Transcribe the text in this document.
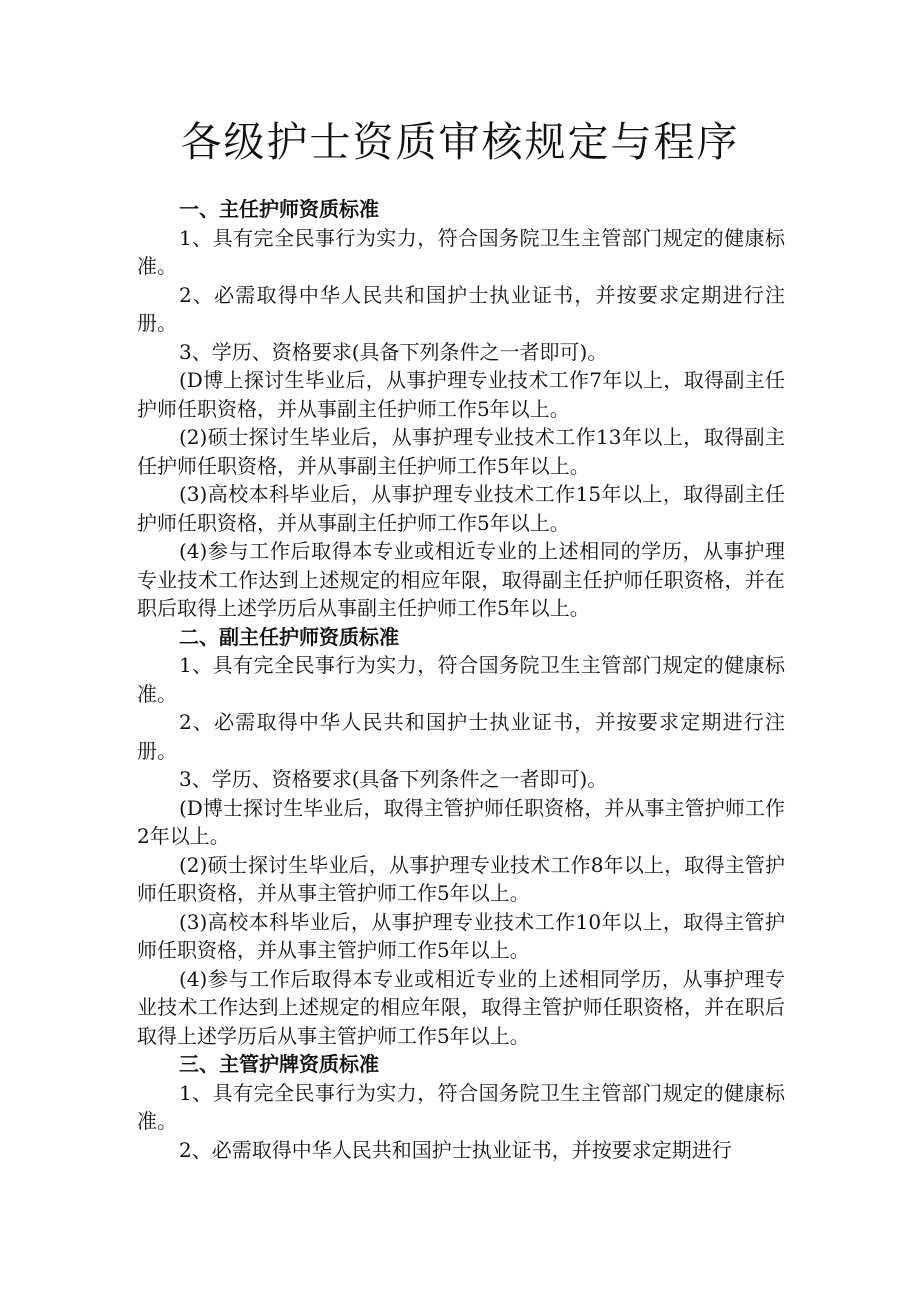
各级护士资质审核规定与程序

一、主任护师资质标准

1、具有完全民事行为实力，符合国务院卫生主管部门规定的健康标准。

2、必需取得中华人民共和国护士执业证书，并按要求定期进行注册。

3、学历、资格要求(具备下列条件之一者即可)。

(D博上探讨生毕业后，从事护理专业技术工作7年以上，取得副主任护师任职资格，并从事副主任护师工作5年以上。

(2)硕士探讨生毕业后，从事护理专业技术工作13年以上，取得副主任护师任职资格，并从事副主任护师工作5年以上。

(3)高校本科毕业后，从事护理专业技术工作15年以上，取得副主任护师任职资格，并从事副主任护师工作5年以上。

(4)参与工作后取得本专业或相近专业的上述相同的学历，从事护理专业技术工作达到上述规定的相应年限，取得副主任护师任职资格，并在职后取得上述学历后从事副主任护师工作5年以上。

二、副主任护师资质标准

1、具有完全民事行为实力，符合国务院卫生主管部门规定的健康标准。

2、必需取得中华人民共和国护士执业证书，并按要求定期进行注册。

3、学历、资格要求(具备下列条件之一者即可)。

(D博士探讨生毕业后，取得主管护师任职资格，并从事主管护师工作2年以上。

(2)硕士探讨生毕业后，从事护理专业技术工作8年以上，取得主管护师任职资格，并从事主管护师工作5年以上。

(3)高校本科毕业后，从事护理专业技术工作10年以上，取得主管护师任职资格，并从事主管护师工作5年以上。

(4)参与工作后取得本专业或相近专业的上述相同学历，从事护理专业技术工作达到上述规定的相应年限，取得主管护师任职资格，并在职后取得上述学历后从事主管护师工作5年以上。

三、主管护牌资质标准

1、具有完全民事行为实力，符合国务院卫生主管部门规定的健康标准。

2、必需取得中华人民共和国护士执业证书，并按要求定期进行
